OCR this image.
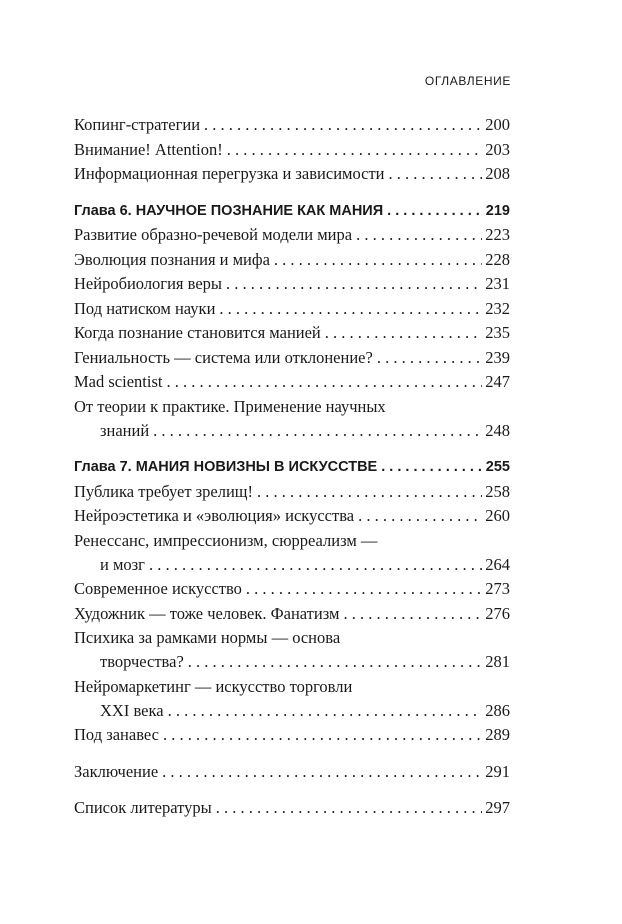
ОГЛАВЛЕНИЕ
Копинг-стратегии . . .	200
Внимание! Attention! . . .	203
Информационная перегрузка и зависимости . . .	208
Глава 6. НАУЧНОЕ ПОЗНАНИЕ КАК МАНИЯ . . .	219
Развитие образно-речевой модели мира . . .	223
Эволюция познания и мифа . . .	228
Нейробиология веры . . .	231
Под натиском науки . . .	232
Когда познание становится манией . . .	235
Гениальность — система или отклонение? . . .	239
Mad scientist . . .	247
От теории к практике. Применение научных
знаний . . .	248
Глава 7. МАНИЯ НОВИЗНЫ В ИСКУССТВЕ . . .	255
Публика требует зрелищ! . . .	258
Нейроэстетика и «эволюция» искусства . . .	260
Ренессанс, импрессионизм, сюрреализм —
и мозг . . .	264
Современное искусство . . .	273
Художник — тоже человек. Фанатизм . . .	276
Психика за рамками нормы — основа
творчества? . . .	281
Нейромаркетинг — искусство торговли
XXI века . . .	286
Под занавес . . .	289
Заключение . . .	291
Список литературы . . .	297
